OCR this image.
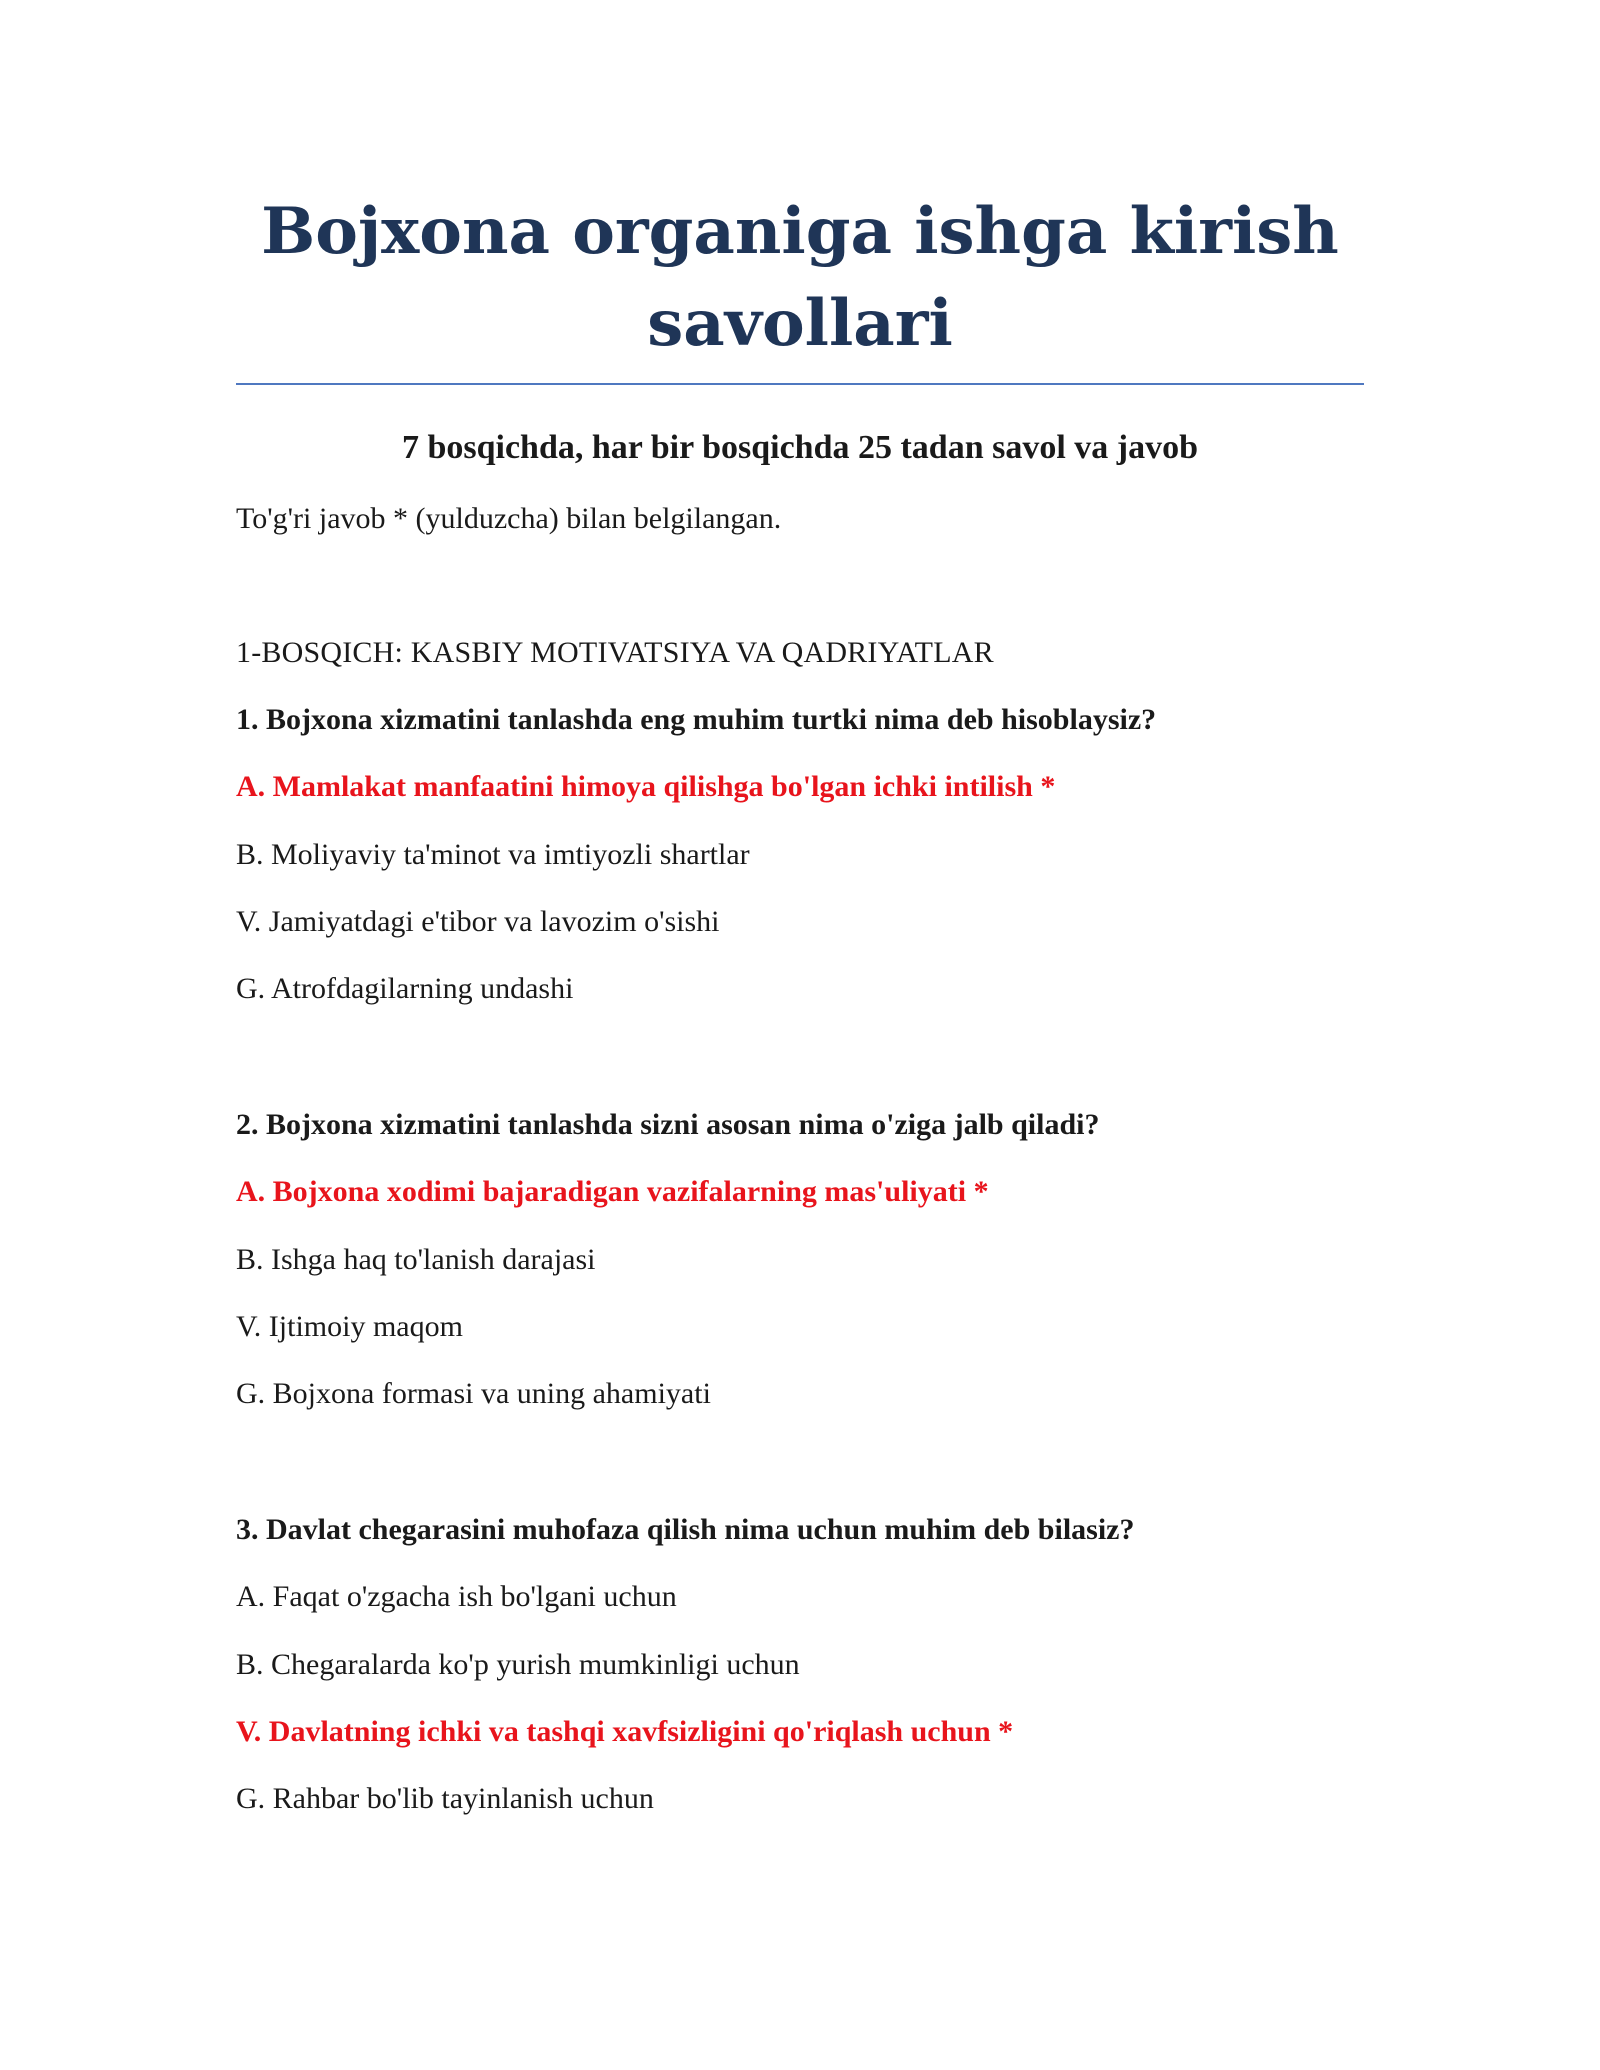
Bojxona organiga ishga kirish savollari

7 bosqichda, har bir bosqichda 25 tadan savol va javob

To'g'ri javob * (yulduzcha) bilan belgilangan.

1-BOSQICH: KASBIY MOTIVATSIYA VA QADRIYATLAR

1. Bojxona xizmatini tanlashda eng muhim turtki nima deb hisoblaysiz?

A. Mamlakat manfaatini himoya qilishga bo'lgan ichki intilish *

B. Moliyaviy ta'minot va imtiyozli shartlar

V. Jamiyatdagi e'tibor va lavozim o'sishi

G. Atrofdagilarning undashi

2. Bojxona xizmatini tanlashda sizni asosan nima o'ziga jalb qiladi?

A. Bojxona xodimi bajaradigan vazifalarning mas'uliyati *

B. Ishga haq to'lanish darajasi

V. Ijtimoiy maqom

G. Bojxona formasi va uning ahamiyati

3. Davlat chegarasini muhofaza qilish nima uchun muhim deb bilasiz?

A. Faqat o'zgacha ish bo'lgani uchun

B. Chegaralarda ko'p yurish mumkinligi uchun

V. Davlatning ichki va tashqi xavfsizligini qo'riqlash uchun *

G. Rahbar bo'lib tayinlanish uchun
